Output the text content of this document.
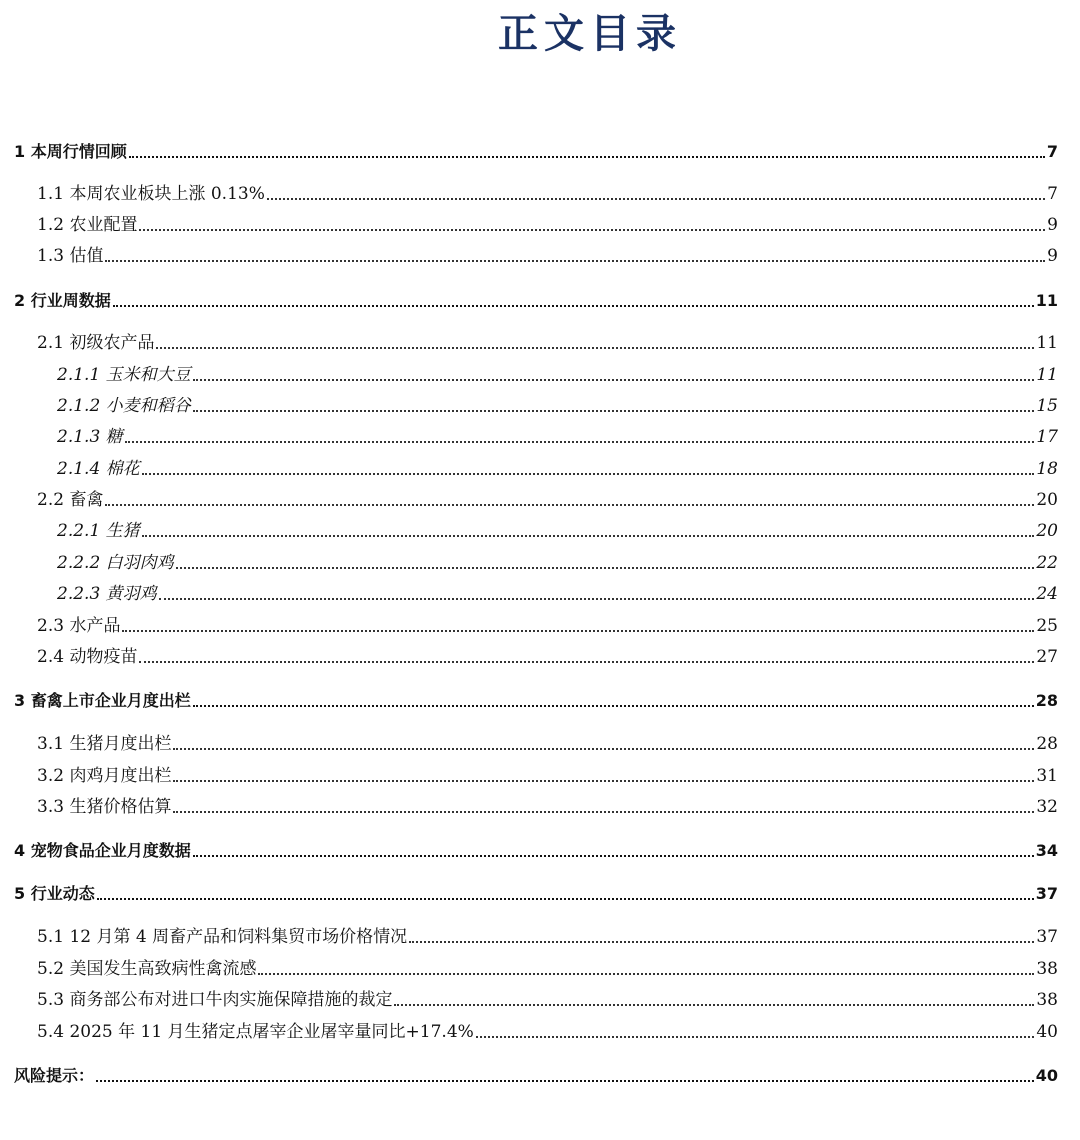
正文目录
1 本周行情回顾	7
1.1 本周农业板块上涨 0.13%	7
1.2 农业配置	9
1.3 估值	9
2 行业周数据	11
2.1 初级农产品	11
2.1.1 玉米和大豆	11
2.1.2 小麦和稻谷	15
2.1.3 糖	17
2.1.4 棉花	18
2.2 畜禽	20
2.2.1 生猪	20
2.2.2 白羽肉鸡	22
2.2.3 黄羽鸡	24
2.3 水产品	25
2.4 动物疫苗	27
3 畜禽上市企业月度出栏	28
3.1 生猪月度出栏	28
3.2 肉鸡月度出栏	31
3.3 生猪价格估算	32
4 宠物食品企业月度数据	34
5 行业动态	37
5.1 12 月第 4 周畜产品和饲料集贸市场价格情况	37
5.2 美国发生高致病性禽流感	38
5.3 商务部公布对进口牛肉实施保障措施的裁定	38
5.4 2025 年 11 月生猪定点屠宰企业屠宰量同比+17.4%	40
风险提示：	40
